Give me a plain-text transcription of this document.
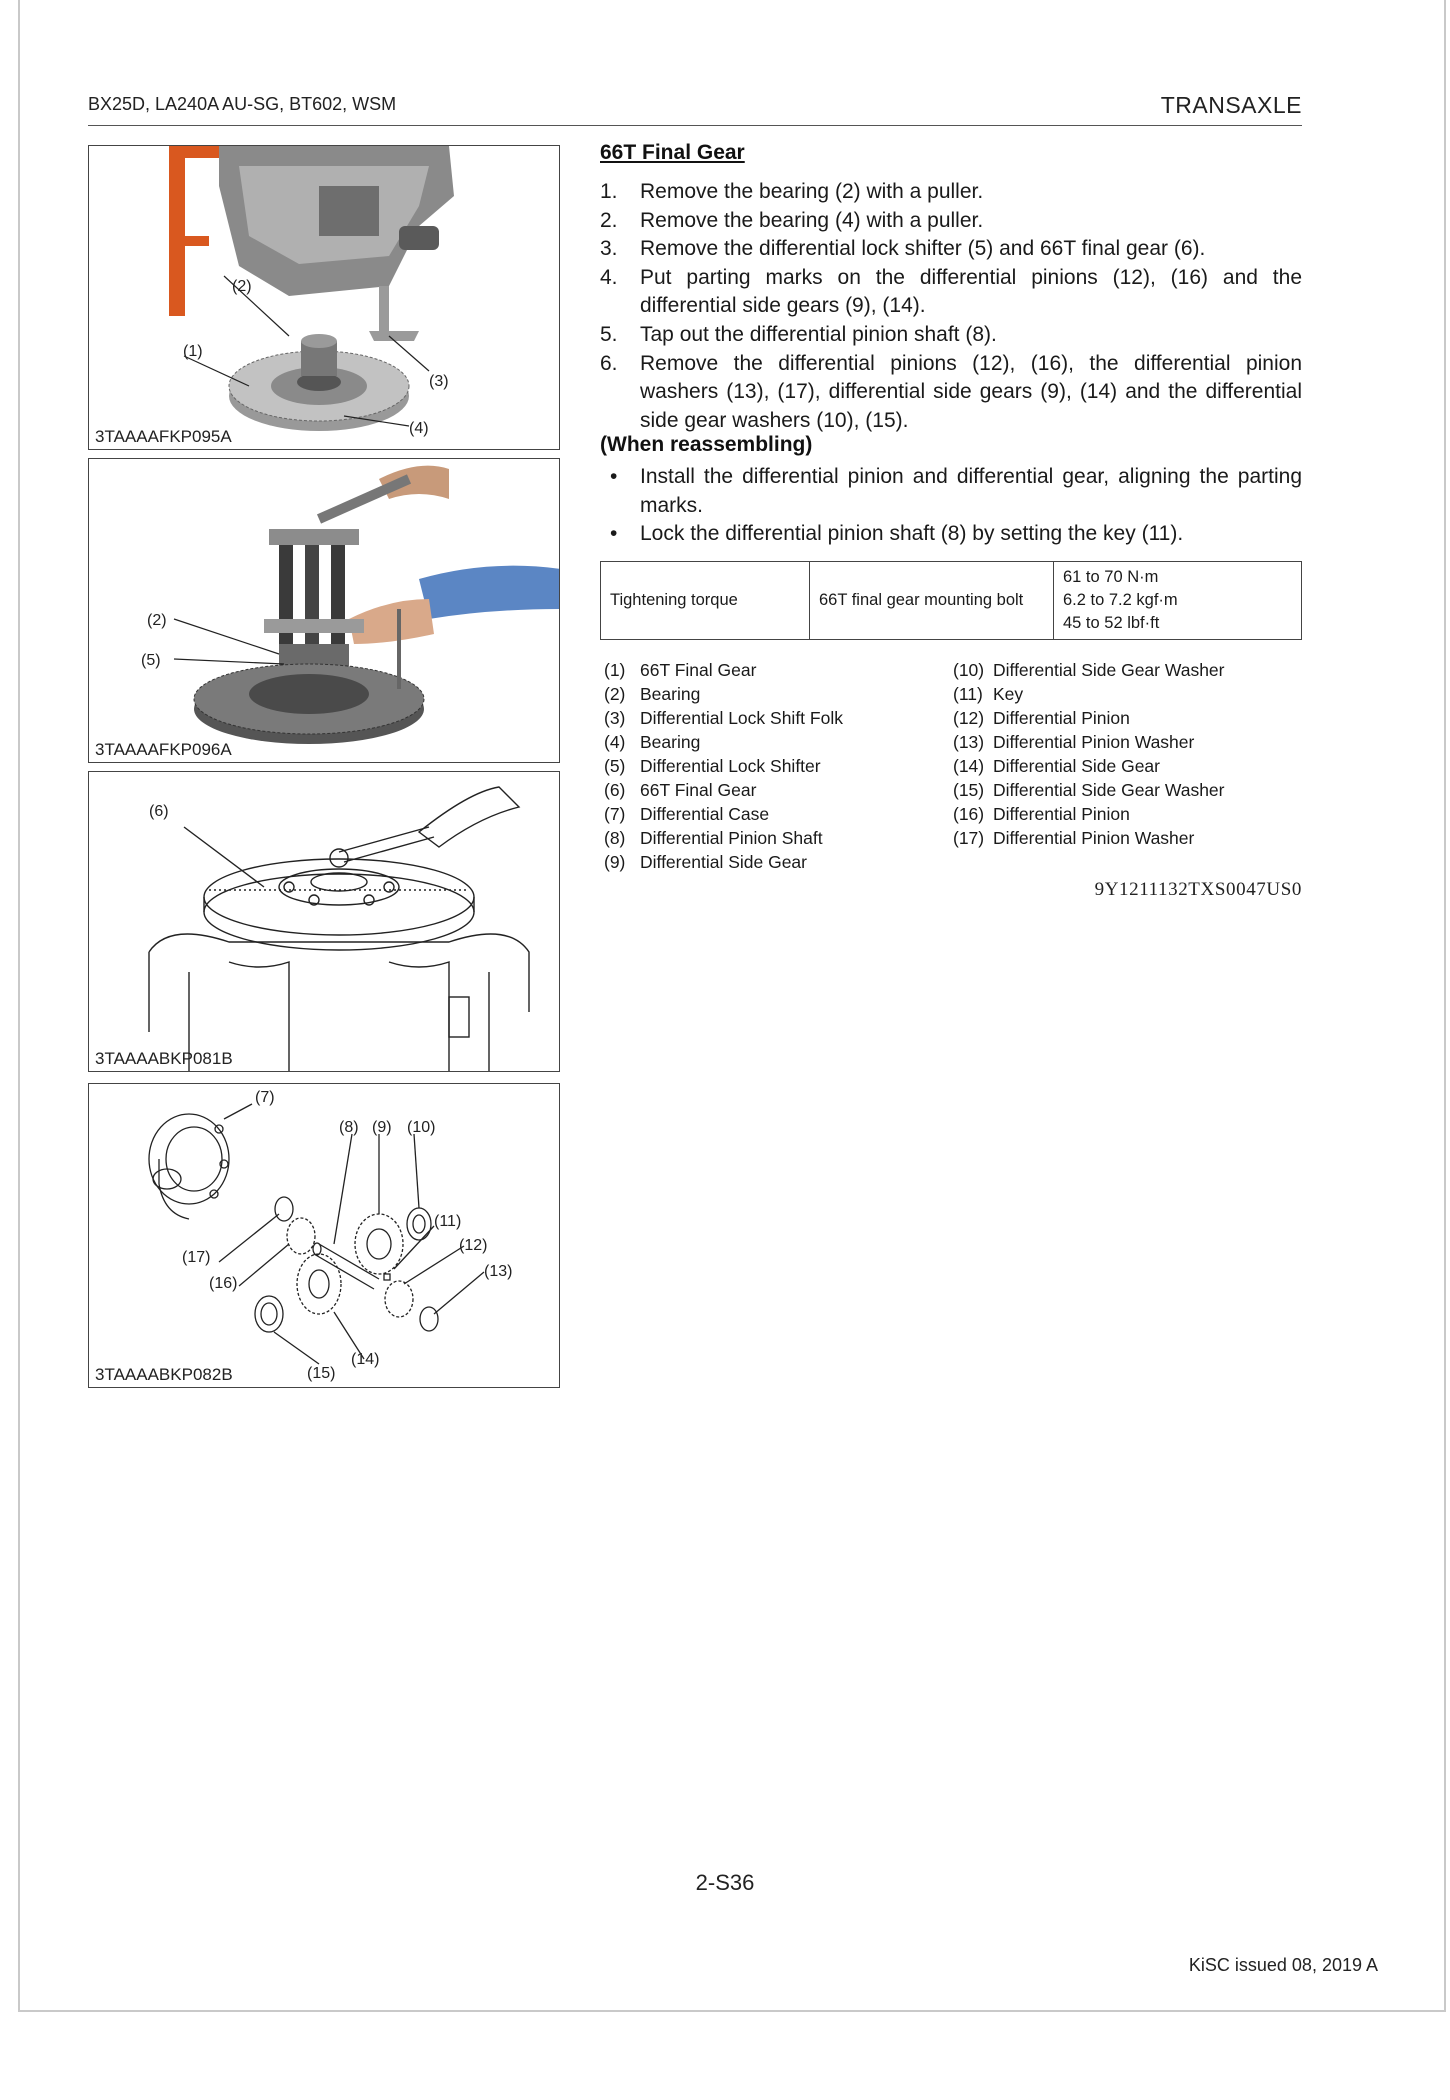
BX25D, LA240A AU-SG, BT602, WSM	TRANSAXLE
(2)
(1)
(3)
(4)
3TAAAAFKP095A
(2)
(5)
3TAAAAFKP096A
(6)
3TAAAABKP081B
(7)
(8) (9) (10)
(11)
(12)
(13)
(14)
(15)
(16)
(17)
3TAAAABKP082B
66T Final Gear
1. Remove the bearing (2) with a puller.
2. Remove the bearing (4) with a puller.
3. Remove the differential lock shifter (5) and 66T final gear (6).
4. Put parting marks on the differential pinions (12), (16) and the differential side gears (9), (14).
5. Tap out the differential pinion shaft (8).
6. Remove the differential pinions (12), (16), the differential pinion washers (13), (17), differential side gears (9), (14) and the differential side gear washers (10), (15).
(When reassembling)
• Install the differential pinion and differential gear, aligning the parting marks.
• Lock the differential pinion shaft (8) by setting the key (11).
Tightening torque	66T final gear mounting bolt	
61 to 70 N·m
6.2 to 7.2 kgf·m
45 to 52 lbf·ft
(1) 66T Final Gear
(2) Bearing
(3) Differential Lock Shift Folk
(4) Bearing
(5) Differential Lock Shifter
(6) 66T Final Gear
(7) Differential Case
(8) Differential Pinion Shaft
(9) Differential Side Gear
(10) Differential Side Gear Washer
(11) Key
(12) Differential Pinion
(13) Differential Pinion Washer
(14) Differential Side Gear
(15) Differential Side Gear Washer
(16) Differential Pinion
(17) Differential Pinion Washer
9Y1211132TXS0047US0
2-S36
KiSC issued 08, 2019 A
